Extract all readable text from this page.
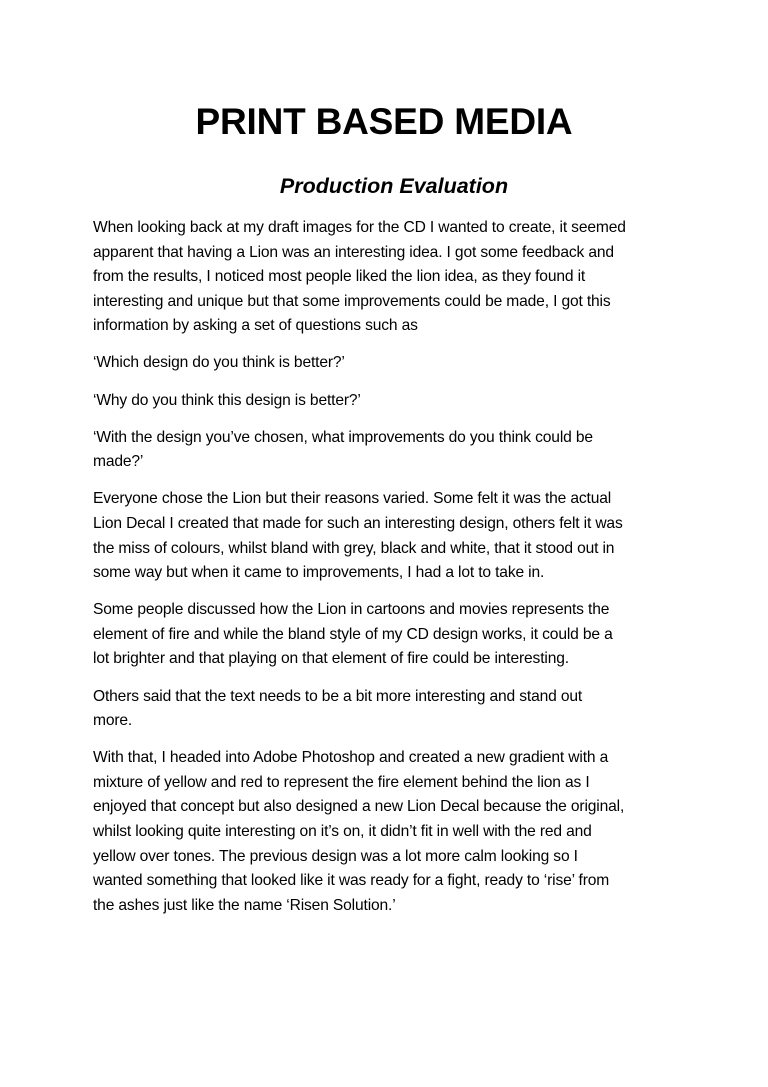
PRINT BASED MEDIA
Production Evaluation

When looking back at my draft images for the CD I wanted to create, it seemed
apparent that having a Lion was an interesting idea. I got some feedback and
from the results, I noticed most people liked the lion idea, as they found it
interesting and unique but that some improvements could be made, I got this
information by asking a set of questions such as

‘Which design do you think is better?’

‘Why do you think this design is better?’

‘With the design you’ve chosen, what improvements do you think could be
made?’

Everyone chose the Lion but their reasons varied. Some felt it was the actual
Lion Decal I created that made for such an interesting design, others felt it was
the miss of colours, whilst bland with grey, black and white, that it stood out in
some way but when it came to improvements, I had a lot to take in.

Some people discussed how the Lion in cartoons and movies represents the
element of fire and while the bland style of my CD design works, it could be a
lot brighter and that playing on that element of fire could be interesting.

Others said that the text needs to be a bit more interesting and stand out
more.

With that, I headed into Adobe Photoshop and created a new gradient with a
mixture of yellow and red to represent the fire element behind the lion as I
enjoyed that concept but also designed a new Lion Decal because the original,
whilst looking quite interesting on it’s on, it didn’t fit in well with the red and
yellow over tones. The previous design was a lot more calm looking so I
wanted something that looked like it was ready for a fight, ready to ‘rise’ from
the ashes just like the name ‘Risen Solution.’
